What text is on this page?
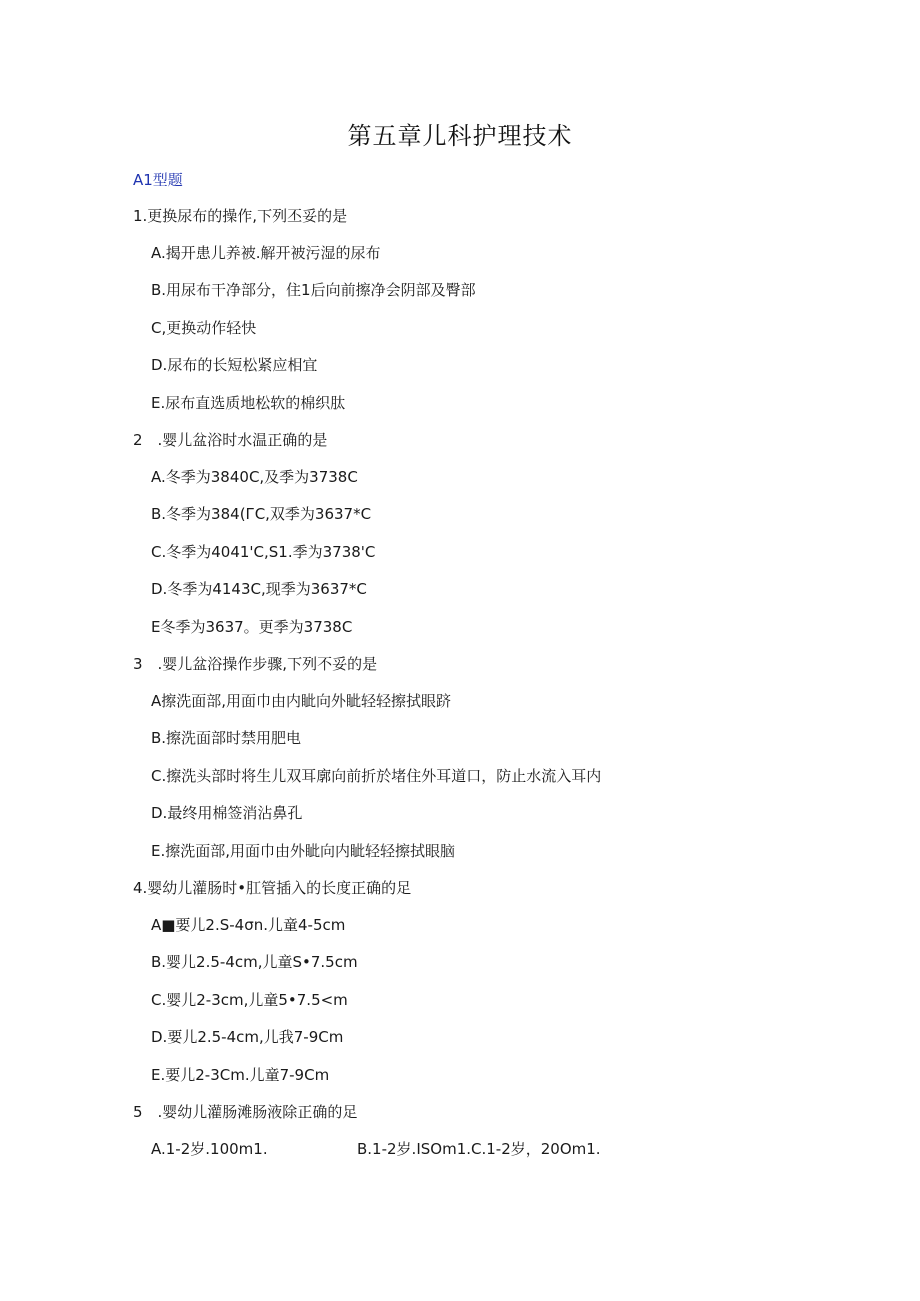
第五章儿科护理技术
A1型题
1.更换尿布的操作,下列丕妥的是
A.揭开患儿养被.解开被污湿的尿布
B.用尿布干净部分，住1后向前擦净会阴部及臀部
C,更换动作轻快
D.尿布的长短松紧应相宜
E.尿布直选质地松软的棉织肽
2　.婴儿盆浴时水温正确的是
A.冬季为3840C,及季为3738C
B.冬季为384(ГC,双季为3637*C
C.冬季为4041'C,S1.季为3738'C
D.冬季为4143C,现季为3637*C
E冬季为3637。更季为3738C
3　.婴儿盆浴操作步骤,下列不妥的是
A擦洗面部,用面巾由内眦向外眦轻轻擦拭眼跻
B.擦洗面部时禁用肥电
C.擦洗头部时将生儿双耳廓向前折於堵住外耳道口，防止水流入耳内
D.最终用棉签消沾鼻孔
E.擦洗面部,用面巾由外眦向内眦轻轻擦拭眼脑
4.婴幼儿灌肠时•肛管插入的长度正确的足
A■要儿2.S-4σn.儿童4-5cm
B.婴儿2.5-4cm,儿童S•7.5cm
C.婴儿2-3cm,儿童5•7.5<m
D.要儿2.5-4cm,儿我7-9Cm
E.要儿2-3Cm.儿童7-9Cm
5　.婴幼儿灌肠滩肠液除正确的足
A.1-2岁.100m1.	B.1-2岁.ISOm1.C.1-2岁，20Om1.
